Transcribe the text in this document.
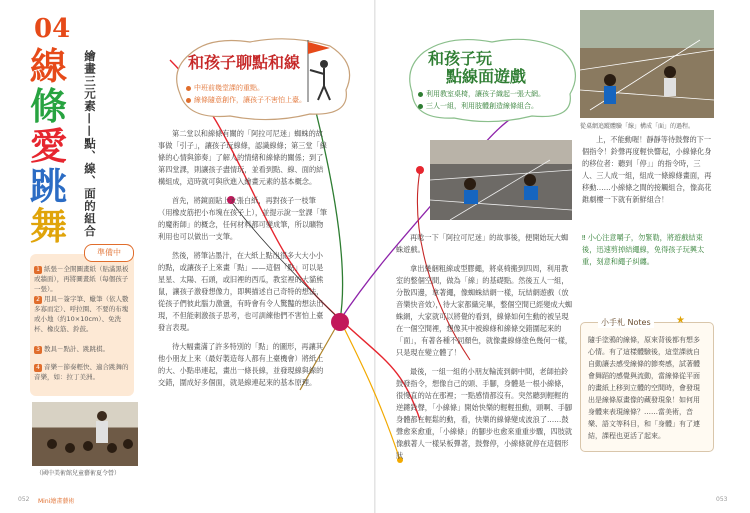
04
線
條
愛
跳
舞 繪畫三元素——點、線、面的組合
準備中
1 紙張－全開圖畫紙（貼滿黑板或牆面），再將圖畫紙（每個孩子一張）。
2 用具－簽字筆、蠟筆（依人數多寡而定）、呼拉圈、不要的布塊或小地（約10×10cm）、免洗杯、橡皮筋、鈴鼓。
3 教具－點計、跳跳棋。
4 音樂－節奏輕快、適合跳舞的音樂，如：拉丁美洲。
（國中美術館兒童藝術夏令營）
和孩子聊點和線
中班前幾堂課的重點。
線條隨意創作，讓孩子不害怕上臺。
和孩子玩
點線面遊戲
利用教室桌椅，讓孩子織起一張大網。
三人一組，利用肢體創造線條組合。
從桌網追蹤體驗「線」構成「面」的過程。

第二堂以和線條有關的「阿拉可尼迷」蜘蛛的故事做「引子」，讓孩子玩線條，認識線條；第三堂「線條的心情與節奏」了解人的情緒和線條的關係；到了第四堂課，則讓孩子盡情玩，並看到點、線、面的結構組成，這時就可與欣進入繪畫元素的基本概念。

首先，將鏡面貼上大張白紙，再對孩子一枝筆（用橡皮筋把小布塊在孩子上），並提示說一堂課「筆的魔術師」的概念，任何材料都可變成筆，所以曠物利用也可以做出一支筆。

然後，將筆沾墨汁，在大紙上點出很多大大小小的點，或讓孩子上來畫「點」——這個「點」可以是星星、太陽、石頭，或旧裡的西瓜，教室裡的大貓熊鼠，讓孩子激發想像力，即興描述自己奇特的想法，從孩子們彼此腦力激盪，有時會有令人驚豔的想法出現，不但能刺激孩子思考，也可訓練他們不害怕上臺發言表現。

待大幅畫滿了許多特別的「點」的圖形，再讓其他小朋友上來（最好製造每人都有上臺機會）將紙上的大、小點串連起，畫出一條長線，並發現線與線的交錯，圍成好多個面，就是線連起來的基本原理。

再唸一下「阿拉可尼迷」的故事後，便開始玩大蜘蛛遊戲。

拿出幾綑粗線或型膠繩，將桌椅搬到四周，利用教室的整個空間，做為「線」的基礎點。然後五人一組，分散四邊，拿著繩，像蜘蛛結網一樣，玩結網遊戲（放音樂快音效），待大家都織完畢，整個空間已經變成大蜘蛛網，大家就可以將覺的看到，線條如何生動的被呈現在一個空間裡，想像其中被線條和線條交錯圍起來的「面」，有著各種不同顏色，就像畫線條塗色幾何一樣，只是現在變立體了！

最後，一組一組的小朋友輪流到網中間，老師拍鈴鼓發指令，想像自己的頭、手腳，身體是一根小線條，很慢直的站在那裡；一點感情都沒有。突然聽到輕輕的逆鏘鈴聲，「小線條」開始快樂的輕輕扭動，頭啊、手腳身體都在輕鬆的動，看，快樂的線條變成波浪了……鼓聲愈來愈重，「小線條」的腳步也愈來重重步驟，四肢就像戲著人一樣呆板彈著，鼓聲停，小線條就停在這個形狀

上，不能動喔！靜靜等待鼓聲的下一個指令！鈴聲再度輕快響起，小線條化身的移位者：聽到「停」」的指令時，三人、三人成一組，組成一條線條畫面，再移動……小線條之間的接觸組合，像高花錐劇樓一下就有新鮮組合！

‼ 小心注意嚼子，勿緊勒，將遊戲結束後，迅速剪掉結繩線，免得孩子玩興太重，刻意和繩子糾纏。
小手札 Notes
隨手塗鴉的線條，原來背後都有想多心情。有了這樣體驗後，這堂課就自自動讓去感受線條的節奏感，試著體會舞蹈的感覺與流動，當線條從平面的畫紙上移到立體的空間時，會發現出是線條原畫像的藏發現象！如何用身體來表現線條？……當美術，音樂、語文等科目，和「身體」有了連結，課程也更活了起來。
★
052 Mini繪畫藝術	053
